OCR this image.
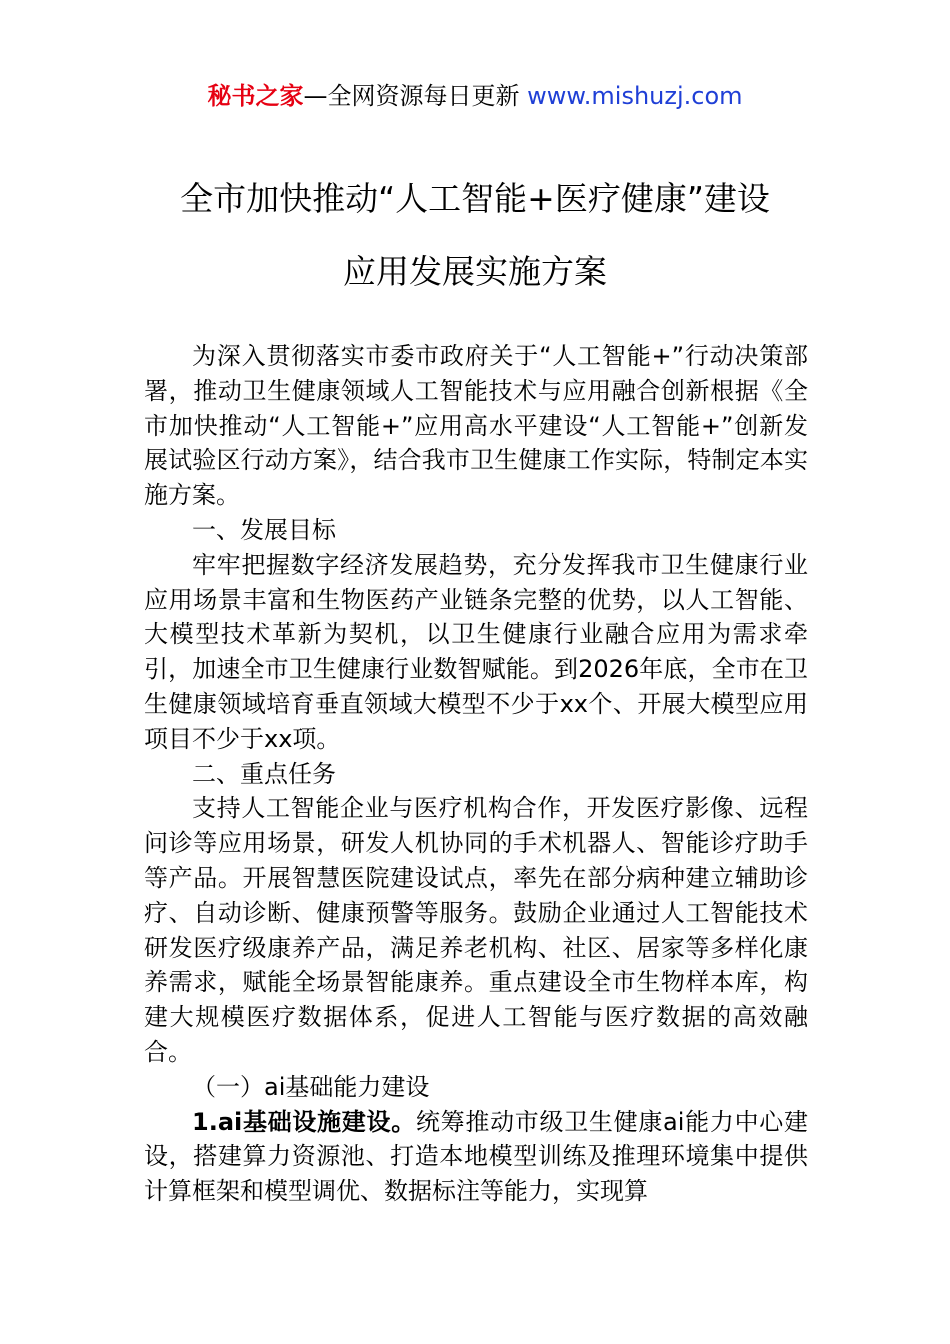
秘书之家—全网资源每日更新 www.mishuzj.com
全市加快推动“人工智能+医疗健康”建设
应用发展实施方案

为深入贯彻落实市委市政府关于“人工智能+”行动决策部署，推动卫生健康领域人工智能技术与应用融合创新根据《全市加快推动“人工智能+”应用高水平建设“人工智能+”创新发展试验区行动方案》，结合我市卫生健康工作实际，特制定本实施方案。

一、发展目标

牢牢把握数字经济发展趋势，充分发挥我市卫生健康行业应用场景丰富和生物医药产业链条完整的优势，以人工智能、大模型技术革新为契机，以卫生健康行业融合应用为需求牵引，加速全市卫生健康行业数智赋能。到2026年底，全市在卫生健康领域培育垂直领域大模型不少于xx个、开展大模型应用项目不少于xx项。

二、重点任务

支持人工智能企业与医疗机构合作，开发医疗影像、远程问诊等应用场景，研发人机协同的手术机器人、智能诊疗助手等产品。开展智慧医院建设试点，率先在部分病种建立辅助诊疗、自动诊断、健康预警等服务。鼓励企业通过人工智能技术研发医疗级康养产品，满足养老机构、社区、居家等多样化康养需求，赋能全场景智能康养。重点建设全市生物样本库，构建大规模医疗数据体系，促进人工智能与医疗数据的高效融合。

（一）ai基础能力建设

1.ai基础设施建设。统筹推动市级卫生健康ai能力中心建设，搭建算力资源池、打造本地模型训练及推理环境集中提供计算框架和模型调优、数据标注等能力，实现算
